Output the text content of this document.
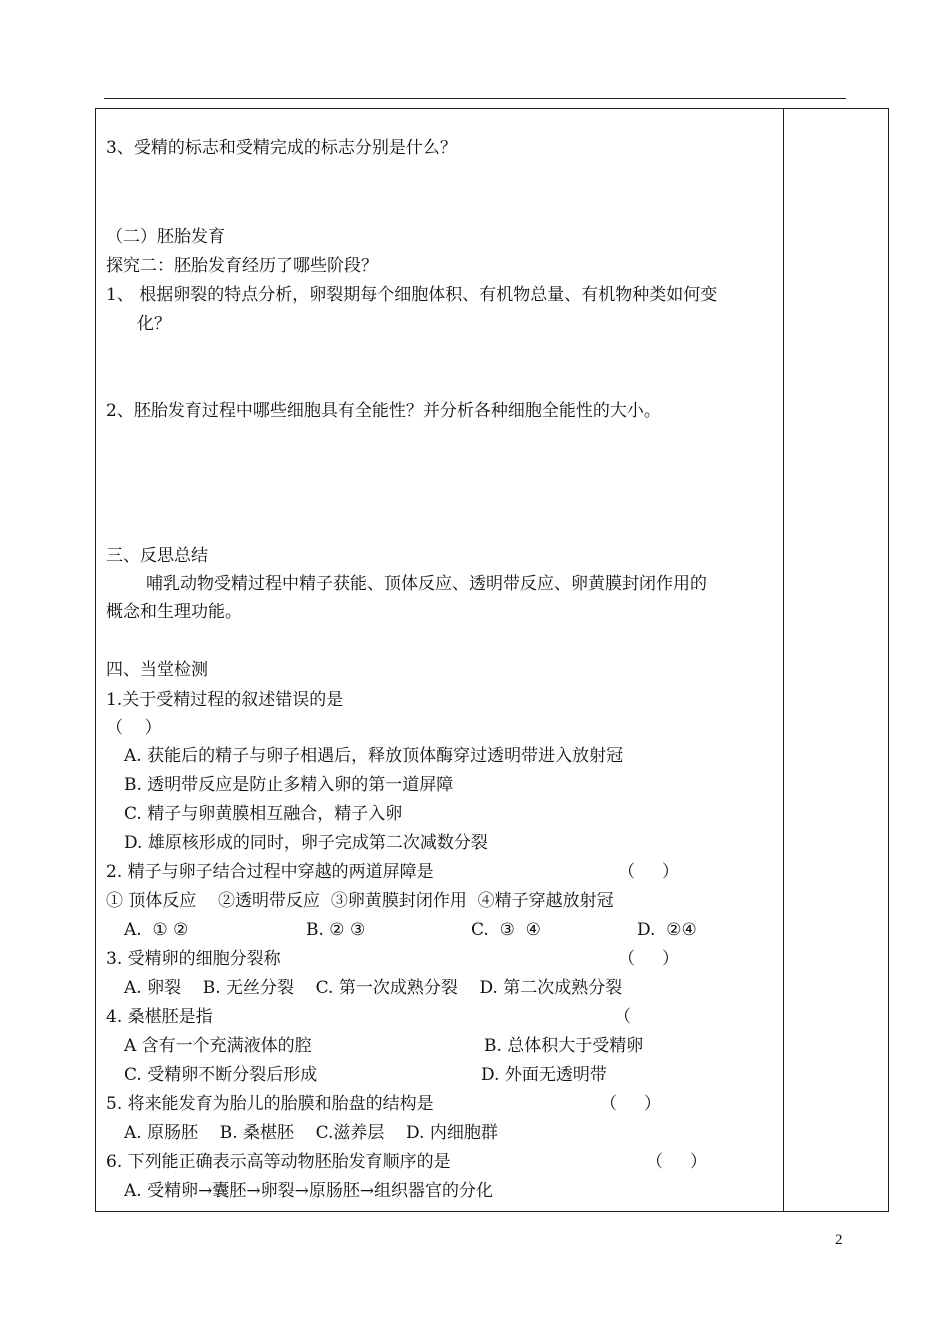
3、受精的标志和受精完成的标志分别是什么？
（二）胚胎发育
探究二：胚胎发育经历了哪些阶段？
1、 根据卵裂的特点分析，卵裂期每个细胞体积、有机物总量、有机物种类如何变
化？
2、胚胎发育过程中哪些细胞具有全能性？并分析各种细胞全能性的大小。
三、反思总结
哺乳动物受精过程中精子获能、顶体反应、透明带反应、卵黄膜封闭作用的
概念和生理功能。
四、当堂检测
1.关于受精过程的叙述错误的是
（    ）
A. 获能后的精子与卵子相遇后，释放顶体酶穿过透明带进入放射冠
B. 透明带反应是防止多精入卵的第一道屏障
C. 精子与卵黄膜相互融合，精子入卵
D. 雄原核形成的同时，卵子完成第二次减数分裂
2. 精子与卵子结合过程中穿越的两道屏障是	（     ）
① 顶体反应    ②透明带反应  ③卵黄膜封闭作用  ④精子穿越放射冠
A.  ① ②	B. ② ③	C.  ③  ④	D.  ②④
3. 受精卵的细胞分裂称	（     ）
A. 卵裂    B. 无丝分裂    C. 第一次成熟分裂    D. 第二次成熟分裂
4. 桑椹胚是指	（
A 含有一个充满液体的腔	B. 总体积大于受精卵
C. 受精卵不断分裂后形成	D. 外面无透明带
5. 将来能发育为胎儿的胎膜和胎盘的结构是	（     ）
A. 原肠胚    B. 桑椹胚    C.滋养层    D. 内细胞群
6. 下列能正确表示高等动物胚胎发育顺序的是	（     ）
A. 受精卵→囊胚→卵裂→原肠胚→组织器官的分化
2
